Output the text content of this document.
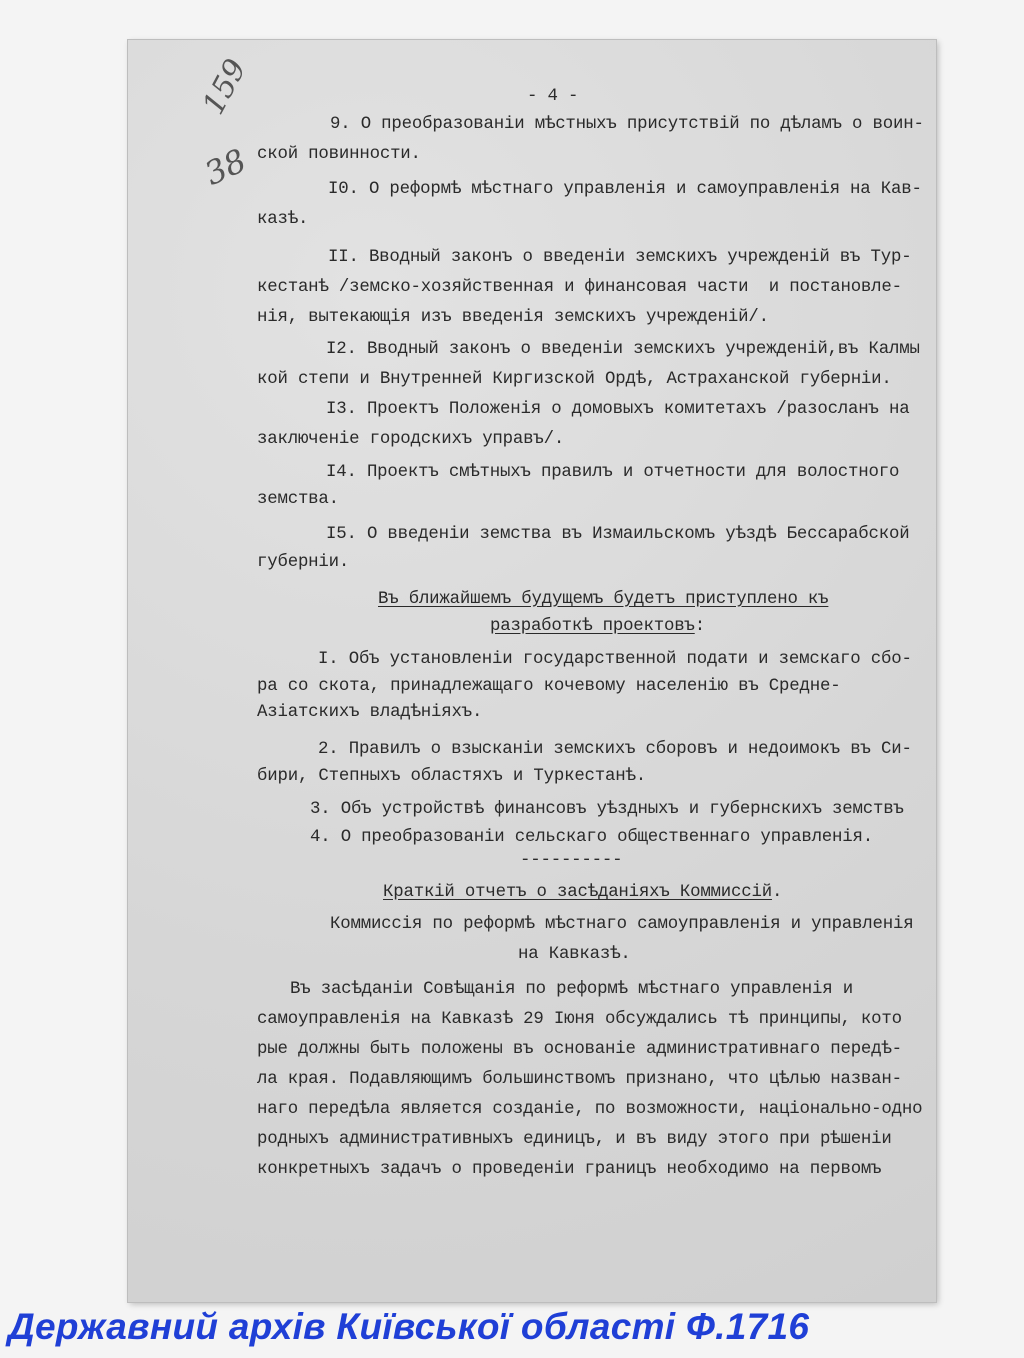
159
38
- 4 -
9. О преобразованіи мѣстныхъ присутствій по дѣламъ о воин-
ской повинности.
I0. О реформѣ мѣстнаго управленія и самоуправленія на Кав-
казѣ.
II. Вводный законъ о введеніи земскихъ учрежденій въ Тур-
кестанѣ /земско-хозяйственная и финансовая части  и постановле-
нія, вытекающія изъ введенія земскихъ учрежденій/.
I2. Вводный законъ о введеніи земскихъ учрежденій,въ Калмы
кой степи и Внутренней Киргизской Ордѣ, Астраханской губерніи.
I3. Проектъ Положенія о домовыхъ комитетахъ /разосланъ на
заключеніе городскихъ управъ/.
I4. Проектъ смѣтныхъ правилъ и отчетности для волостного
земства.
I5. О введеніи земства въ Измаильскомъ уѣздѣ Бессарабской
губерніи.
Въ ближайшемъ будущемъ будетъ приступлено къ
разработкѣ проектовъ:
I. Объ установленіи государственной подати и земскаго сбо-
ра со скота, принадлежащаго кочевому населенію въ Средне-
Азіатскихъ владѣніяхъ.
2. Правилъ о взысканіи земскихъ сборовъ и недоимокъ въ Си-
бири, Степныхъ областяхъ и Туркестанѣ.
3. Объ устройствѣ финансовъ уѣздныхъ и губернскихъ земствъ
4. О преобразованіи сельскаго общественнаго управленія.
----------
Краткій отчетъ о засѣданіяхъ Коммиссій.
Коммиссія по реформѣ мѣстнаго самоуправленія и управленія
на Кавказѣ.
Въ засѣданіи Совѣщанія по реформѣ мѣстнаго управленія и
самоуправленія на Кавказѣ 29 Іюня обсуждались тѣ принципы, кото
рые должны быть положены въ основаніе административнаго передѣ-
ла края. Подавляющимъ большинствомъ признано, что цѣлью назван-
наго передѣла является созданіе, по возможности, національно-одно
родныхъ административныхъ единицъ, и въ виду этого при рѣшеніи
конкретныхъ задачъ о проведеніи границъ необходимо на первомъ
Державний архів Київської області Ф.1716
